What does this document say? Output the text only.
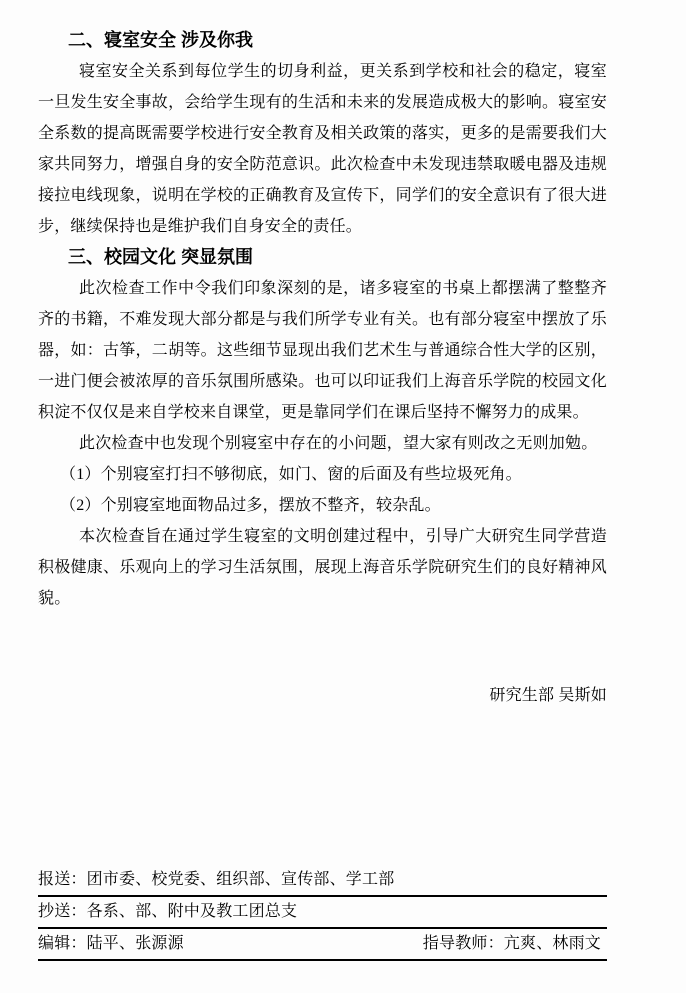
二、寝室安全 涉及你我

寝室安全关系到每位学生的切身利益，更关系到学校和社会的稳定，寝室一旦发生安全事故，会给学生现有的生活和未来的发展造成极大的影响。寝室安全系数的提高既需要学校进行安全教育及相关政策的落实，更多的是需要我们大家共同努力，增强自身的安全防范意识。此次检查中未发现违禁取暖电器及违规接拉电线现象，说明在学校的正确教育及宣传下，同学们的安全意识有了很大进步，继续保持也是维护我们自身安全的责任。

三、校园文化 突显氛围

此次检查工作中令我们印象深刻的是，诸多寝室的书桌上都摆满了整整齐齐的书籍，不难发现大部分都是与我们所学专业有关。也有部分寝室中摆放了乐器，如：古筝，二胡等。这些细节显现出我们艺术生与普通综合性大学的区别，一进门便会被浓厚的音乐氛围所感染。也可以印证我们上海音乐学院的校园文化积淀不仅仅是来自学校来自课堂，更是靠同学们在课后坚持不懈努力的成果。

此次检查中也发现个别寝室中存在的小问题，望大家有则改之无则加勉。

（1）个别寝室打扫不够彻底，如门、窗的后面及有些垃圾死角。

（2）个别寝室地面物品过多，摆放不整齐，较杂乱。

本次检查旨在通过学生寝室的文明创建过程中，引导广大研究生同学营造积极健康、乐观向上的学习生活氛围，展现上海音乐学院研究生们的良好精神风貌。

研究生部 吴斯如
报送：团市委、校党委、组织部、宣传部、学工部
抄送：各系、部、附中及教工团总支
编辑：陆平、张源源	指导教师：亢爽、林雨文
